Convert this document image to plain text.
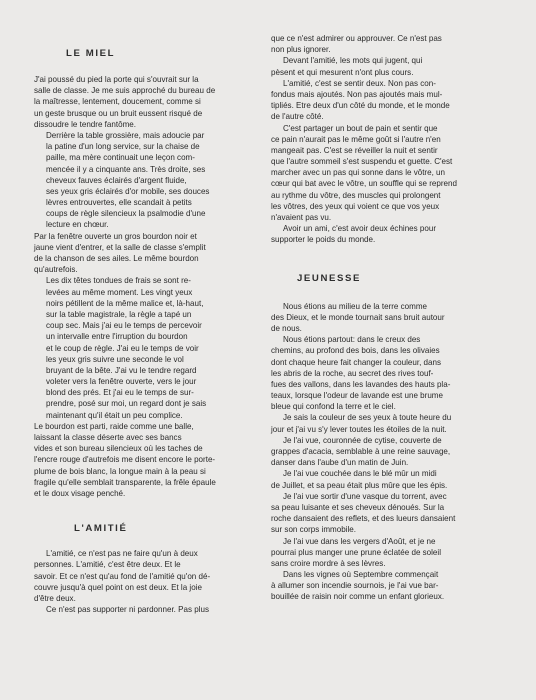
LE MIEL
J'ai poussé du pied la porte qui s'ouvrait sur la
salle de classe. Je me suis approché du bureau de
la maîtresse, lentement, doucement, comme si
un geste brusque ou un bruit eussent risqué de
dissoudre le tendre fantôme.
Derrière la table grossière, mais adoucie par
la patine d'un long service, sur la chaise de
paille, ma mère continuait une leçon com-
mencée il y a cinquante ans. Très droite, ses
cheveux fauves éclairés d'argent fluide,
ses yeux gris éclairés d'or mobile, ses douces
lèvres entrouvertes, elle scandait à petits
coups de règle silencieux la psalmodie d'une
lecture en chœur.
Par la fenêtre ouverte un gros bourdon noir et
jaune vient d'entrer, et la salle de classe s'emplit
de la chanson de ses ailes. Le même bourdon
qu'autrefois.
Les dix têtes tondues de frais se sont re-
levées au même moment. Les vingt yeux
noirs pétillent de la même malice et, là-haut,
sur la table magistrale, la règle a tapé un
coup sec. Mais j'ai eu le temps de percevoir
un intervalle entre l'irruption du bourdon
et le coup de règle. J'ai eu le temps de voir
les yeux gris suivre une seconde le vol
bruyant de la bête. J'ai vu le tendre regard
voleter vers la fenêtre ouverte, vers le jour
blond des prés. Et j'ai eu le temps de sur-
prendre, posé sur moi, un regard dont je sais
maintenant qu'il était un peu complice.
Le bourdon est parti, raide comme une balle,
laissant la classe déserte avec ses bancs
vides et son bureau silencieux où les taches de
l'encre rouge d'autrefois me disent encore le porte-
plume de bois blanc, la longue main à la peau si
fragile qu'elle semblait transparente, la frêle épaule
et le doux visage penché.
L'AMITIÉ
L'amitié, ce n'est pas ne faire qu'un à deux
personnes. L'amitié, c'est être deux. Et le
savoir. Et ce n'est qu'au fond de l'amitié qu'on dé-
couvre jusqu'à quel point on est deux. Et la joie
d'être deux.
Ce n'est pas supporter ni pardonner. Pas plus
que ce n'est admirer ou approuver. Ce n'est pas
non plus ignorer.
Devant l'amitié, les mots qui jugent, qui
pèsent et qui mesurent n'ont plus cours.
L'amitié, c'est se sentir deux. Non pas con-
fondus mais ajoutés. Non pas ajoutés mais mul-
tipliés. Etre deux d'un côté du monde, et le monde
de l'autre côté.
C'est partager un bout de pain et sentir que
ce pain n'aurait pas le même goût si l'autre n'en
mangeait pas. C'est se réveiller la nuit et sentir
que l'autre sommeil s'est suspendu et guette. C'est
marcher avec un pas qui sonne dans le vôtre, un
cœur qui bat avec le vôtre, un souffle qui se reprend
au rythme du vôtre, des muscles qui prolongent
les vôtres, des yeux qui voient ce que vos yeux
n'avaient pas vu.
Avoir un ami, c'est avoir deux échines pour
supporter le poids du monde.
JEUNESSE
Nous étions au milieu de la terre comme
des Dieux, et le monde tournait sans bruit autour
de nous.
Nous étions partout: dans le creux des
chemins, au profond des bois, dans les olivaies
dont chaque heure fait changer la couleur, dans
les abris de la roche, au secret des rives touf-
fues des vallons, dans les lavandes des hauts pla-
teaux, lorsque l'odeur de lavande est une brume
bleue qui confond la terre et le ciel.
Je sais la couleur de ses yeux à toute heure du
jour et j'ai vu s'y lever toutes les étoiles de la nuit.
Je l'ai vue, couronnée de cytise, couverte de
grappes d'acacia, semblable à une reine sauvage,
danser dans l'aube d'un matin de Juin.
Je l'ai vue couchée dans le blé mûr un midi
de Juillet, et sa peau était plus mûre que les épis.
Je l'ai vue sortir d'une vasque du torrent, avec
sa peau luisante et ses cheveux dénoués. Sur la
roche dansaient des reflets, et des lueurs dansaient
sur son corps immobile.
Je l'ai vue dans les vergers d'Août, et je ne
pourrai plus manger une prune éclatée de soleil
sans croire mordre à ses lèvres.
Dans les vignes où Septembre commençait
à allumer son incendie sournois, je l'ai vue bar-
bouillée de raisin noir comme un enfant glorieux.
